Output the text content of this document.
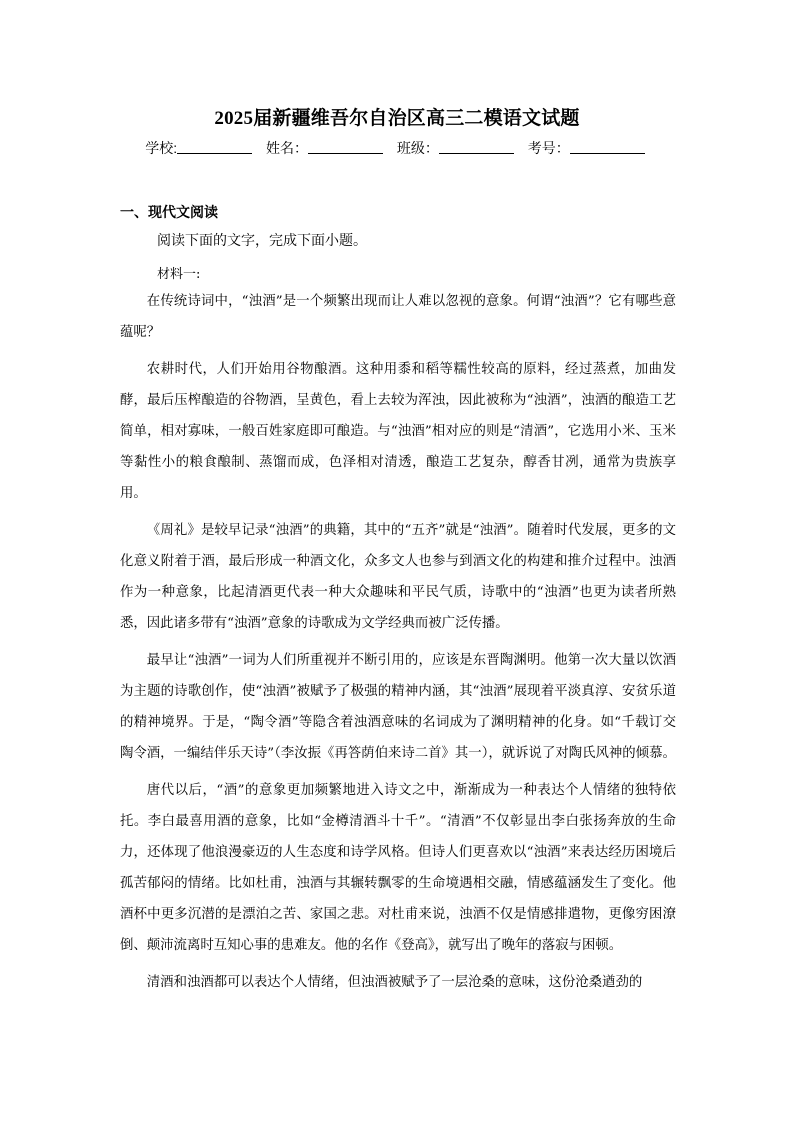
2025届新疆维吾尔自治区高三二模语文试题
学校:	姓名：	班级：	考号：
一、现代文阅读
阅读下面的文字，完成下面小题。
材料一:

在传统诗词中，“浊酒”是一个频繁出现而让人难以忽视的意象。何谓“浊酒”？它有哪些意蕴呢？

农耕时代，人们开始用谷物酿酒。这种用黍和稻等糯性较高的原料，经过蒸煮，加曲发酵，最后压榨酿造的谷物酒，呈黄色，看上去较为浑浊，因此被称为“浊酒”，浊酒的酿造工艺简单，相对寡味，一般百姓家庭即可酿造。与“浊酒”相对应的则是“清酒”，它选用小米、玉米等黏性小的粮食酿制、蒸馏而成，色泽相对清透，酿造工艺复杂，醇香甘冽，通常为贵族享用。

《周礼》是较早记录“浊酒”的典籍，其中的“五齐”就是“浊酒”。随着时代发展，更多的文化意义附着于酒，最后形成一种酒文化，众多文人也参与到酒文化的构建和推介过程中。浊酒作为一种意象，比起清酒更代表一种大众趣味和平民气质，诗歌中的“浊酒”也更为读者所熟悉，因此诸多带有“浊酒”意象的诗歌成为文学经典而被广泛传播。

最早让“浊酒”一词为人们所重视并不断引用的，应该是东晋陶渊明。他第一次大量以饮酒为主题的诗歌创作，使“浊酒”被赋予了极强的精神内涵，其“浊酒”展现着平淡真淳、安贫乐道的精神境界。于是，“陶令酒”等隐含着浊酒意味的名词成为了渊明精神的化身。如“千载订交陶令酒，一编结伴乐天诗”（李汝振《再答荫伯来诗二首》其一），就诉说了对陶氏风神的倾慕。

唐代以后，“酒”的意象更加频繁地进入诗文之中，渐渐成为一种表达个人情绪的独特依托。李白最喜用酒的意象，比如“金樽清酒斗十千”。“清酒”不仅彰显出李白张扬奔放的生命力，还体现了他浪漫豪迈的人生态度和诗学风格。但诗人们更喜欢以“浊酒”来表达经历困境后孤苦郁闷的情绪。比如杜甫，浊酒与其辗转飘零的生命境遇相交融，情感蕴涵发生了变化。他酒杯中更多沉潜的是漂泊之苦、家国之悲。对杜甫来说，浊酒不仅是情感排遣物，更像穷困潦倒、颠沛流离时互知心事的患难友。他的名作《登高》，就写出了晚年的落寂与困顿。

清酒和浊酒都可以表达个人情绪，但浊酒被赋予了一层沧桑的意味，这份沧桑遒劲的
